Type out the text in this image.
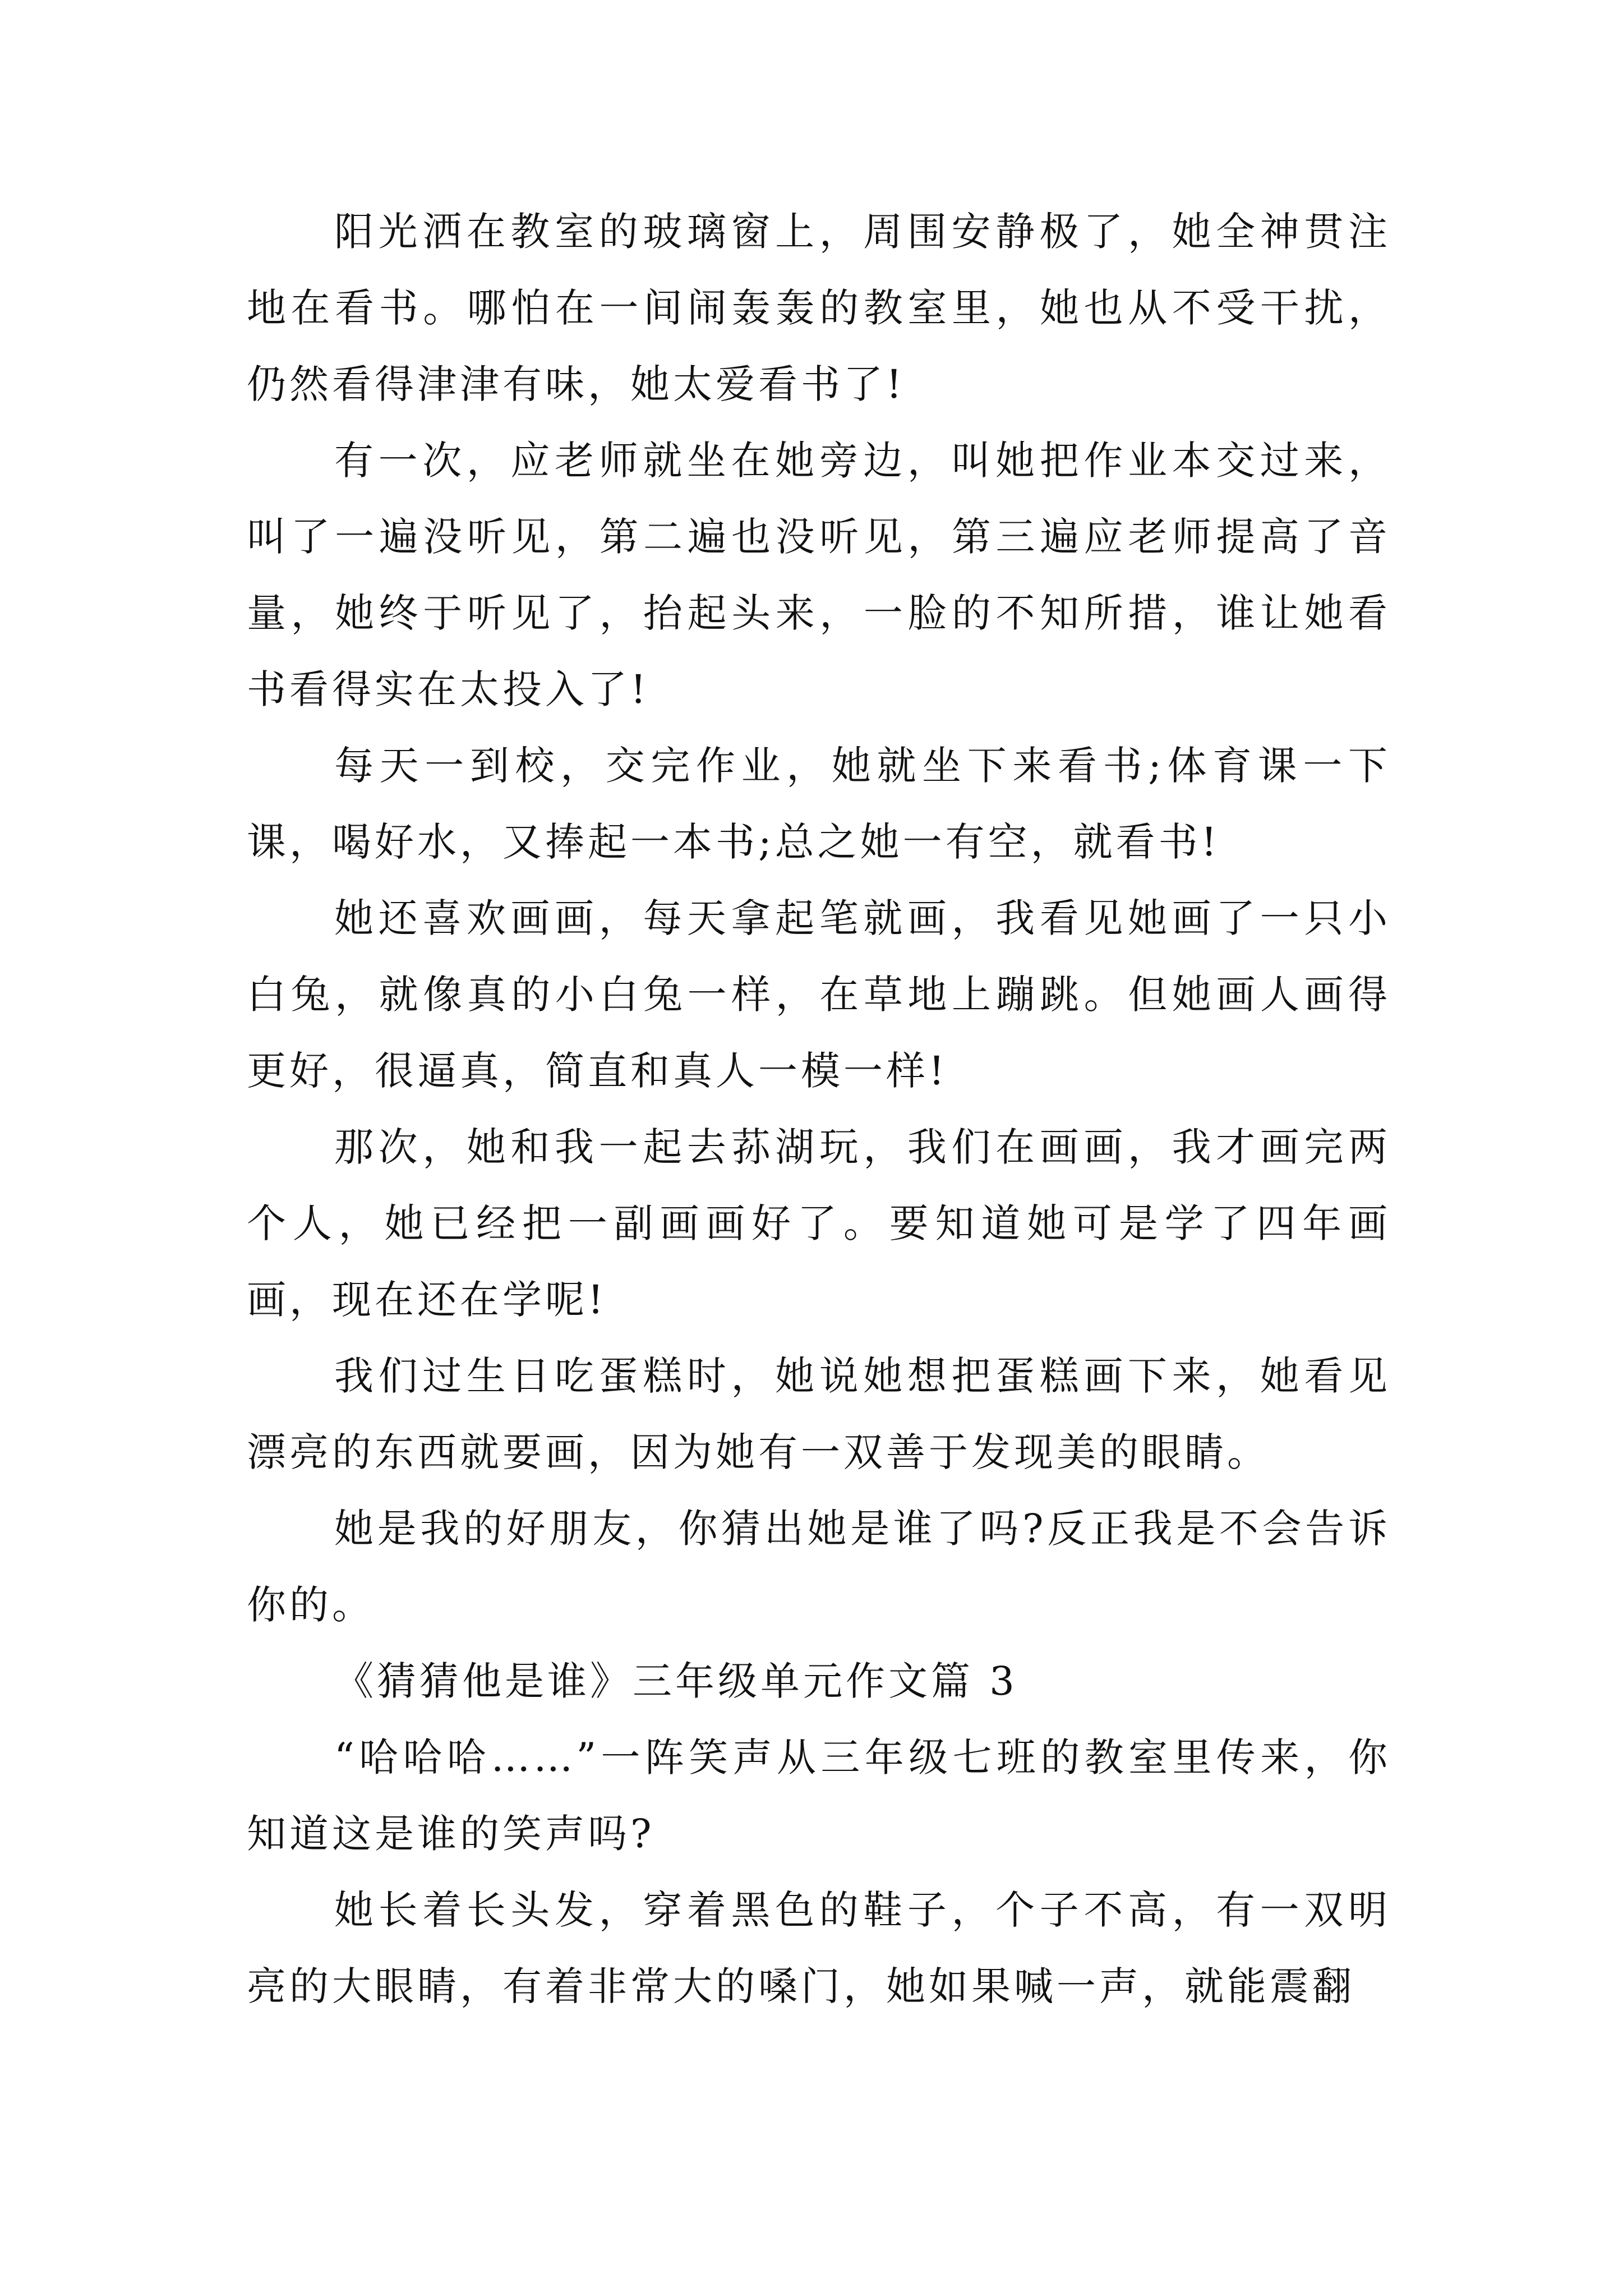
阳光洒在教室的玻璃窗上，周围安静极了，她全神贯注地在看书。哪怕在一间闹轰轰的教室里，她也从不受干扰，仍然看得津津有味，她太爱看书了!

有一次，应老师就坐在她旁边，叫她把作业本交过来，叫了一遍没听见，第二遍也没听见，第三遍应老师提高了音量，她终于听见了，抬起头来，一脸的不知所措，谁让她看书看得实在太投入了!

每天一到校，交完作业，她就坐下来看书;体育课一下课，喝好水，又捧起一本书;总之她一有空，就看书!

她还喜欢画画，每天拿起笔就画，我看见她画了一只小白兔，就像真的小白兔一样，在草地上蹦跳。但她画人画得更好，很逼真，简直和真人一模一样!

那次，她和我一起去荪湖玩，我们在画画，我才画完两个人，她已经把一副画画好了。要知道她可是学了四年画画，现在还在学呢!

我们过生日吃蛋糕时，她说她想把蛋糕画下来，她看见漂亮的东西就要画，因为她有一双善于发现美的眼睛。

她是我的好朋友，你猜出她是谁了吗?反正我是不会告诉你的。

《猜猜他是谁》三年级单元作文篇 3

“哈哈哈……”一阵笑声从三年级七班的教室里传来，你知道这是谁的笑声吗?

她长着长头发，穿着黑色的鞋子，个子不高，有一双明亮的大眼睛，有着非常大的嗓门，她如果喊一声，就能震翻
